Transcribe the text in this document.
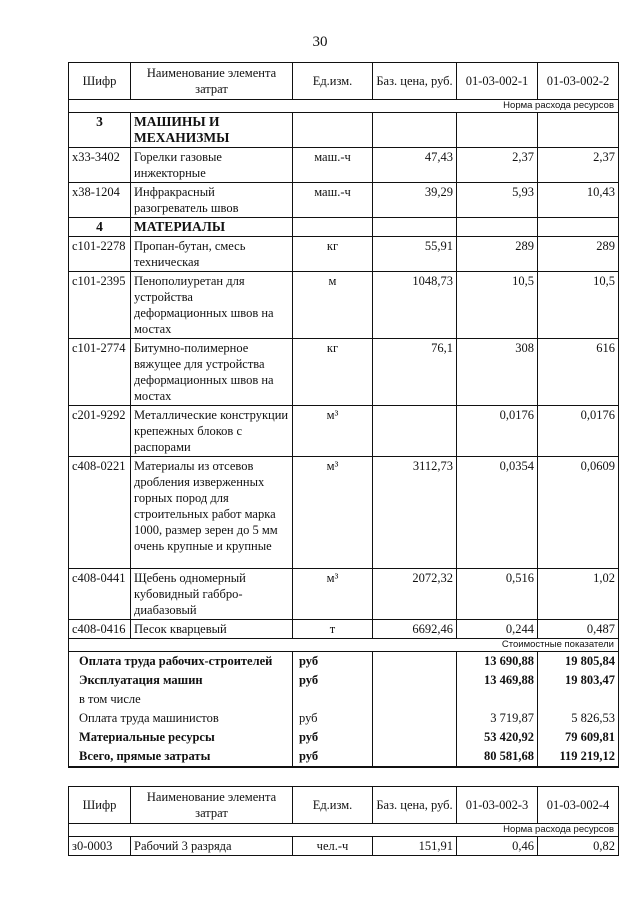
30
Шифр	Наименование элемента затрат	Ед.изм.	Баз. цена, руб.	01-03-002-1	01-03-002-2
Норма расхода ресурсов					
3	МАШИНЫ И МЕХАНИЗМЫ				
х33-3402	Горелки газовые инжекторные	маш.-ч	47,43	2,37	2,37
х38-1204	Инфракрасный разогреватель швов	маш.-ч	39,29	5,93	10,43
4	МАТЕРИАЛЫ				
с101-2278	Пропан-бутан, смесь техническая	кг	55,91	289	289
с101-2395	Пенополиуретан для устройства деформационных швов на мостах	м	1048,73	10,5	10,5
с101-2774	Битумно-полимерное вяжущее для устройства деформационных швов на мостах	кг	76,1	308	616
с201-9292	Металлические конструкции крепежных блоков с распорами	м³		0,0176	0,0176
с408-0221	Материалы из отсевов дробления изверженных горных пород для строительных работ марка 1000, размер зерен до 5 мм очень крупные и крупные	м³	3112,73	0,0354	0,0609
с408-0441	Щебень одномерный кубовидный габбро-диабазовый	м³	2072,32	0,516	1,02
с408-0416	Песок кварцевый	т	6692,46	0,244	0,487
Стоимостные показатели					
Оплата труда рабочих-строителей		руб		13 690,88	19 805,84
Эксплуатация машин		руб		13 469,88	19 803,47
в том числе					
Оплата труда машинистов		руб		3 719,87	5 826,53
Материальные ресурсы		руб		53 420,92	79 609,81
Всего, прямые затраты		руб		80 581,68	119 219,12
Шифр	Наименование элемента затрат	Ед.изм.	Баз. цена, руб.	01-03-002-3	01-03-002-4
Норма расхода ресурсов					
з0-0003	Рабочий 3 разряда	чел.-ч	151,91	0,46	0,82
